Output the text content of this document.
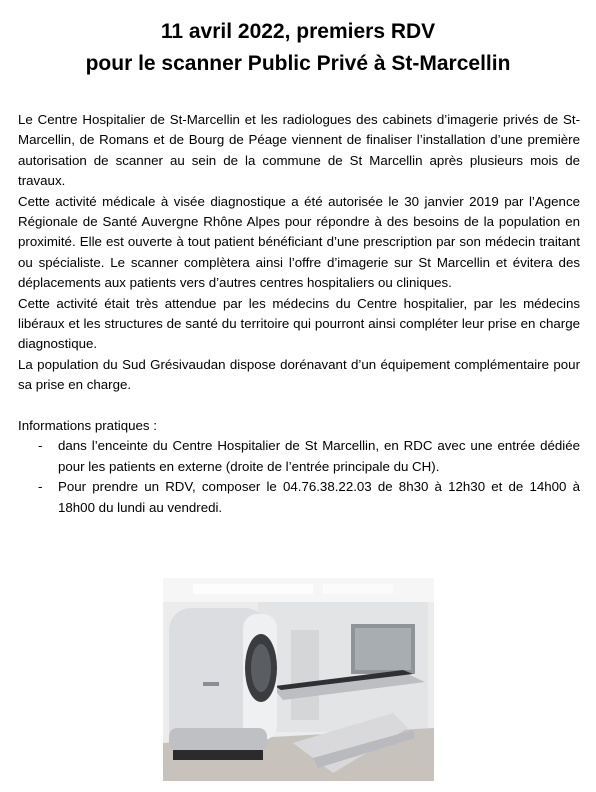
11 avril 2022, premiers RDV
pour le scanner Public Privé à St-Marcellin

Le Centre Hospitalier de St-Marcellin et les radiologues des cabinets d’imagerie privés de St-Marcellin, de Romans et de Bourg de Péage viennent de finaliser l’installation d’une première autorisation de scanner au sein de la commune de St Marcellin après plusieurs mois de travaux.

Cette activité médicale à visée diagnostique a été autorisée le 30 janvier 2019 par l’Agence Régionale de Santé Auvergne Rhône Alpes pour répondre à des besoins de la population en proximité. Elle est ouverte à tout patient bénéficiant d’une prescription par son médecin traitant ou spécialiste. Le scanner complètera ainsi l’offre d’imagerie sur St Marcellin et évitera des déplacements aux patients vers d’autres centres hospitaliers ou cliniques.

Cette activité était très attendue par les médecins du Centre hospitalier, par les médecins libéraux et les structures de santé du territoire qui pourront ainsi compléter leur prise en charge diagnostique.

La population du Sud Grésivaudan dispose dorénavant d’un équipement complémentaire pour sa prise en charge.

Informations pratiques :

- dans l’enceinte du Centre Hospitalier de St Marcellin, en RDC avec une entrée dédiée pour les patients en externe (droite de l’entrée principale du CH).
- Pour prendre un RDV, composer le 04.76.38.22.03 de 8h30 à 12h30 et de 14h00 à 18h00 du lundi au vendredi.
